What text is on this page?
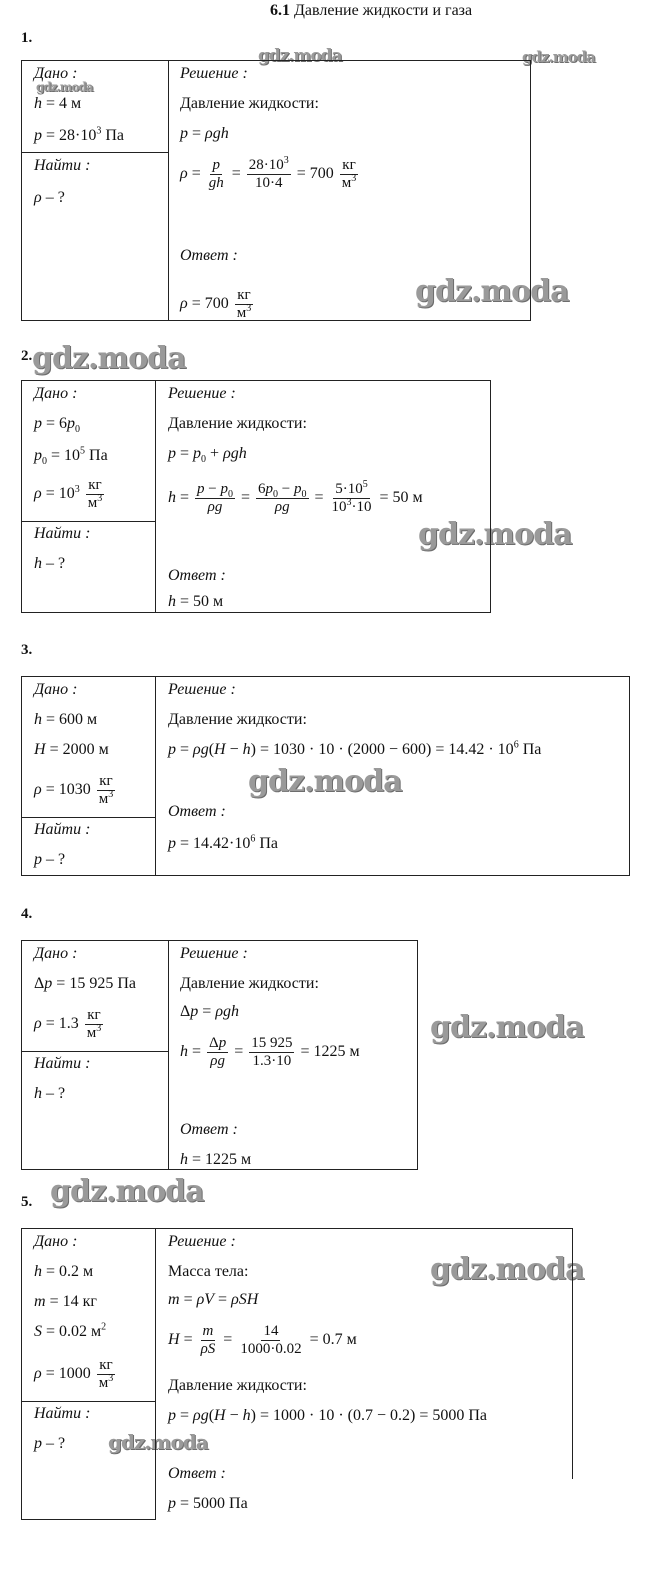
6.1 Давление жидкости и газа
gdz.moda	gdz.moda
gdz.moda
gdz.moda
gdz.moda
gdz.moda
gdz.moda
gdz.moda
gdz.moda
gdz.moda
gdz.moda
1.
Дано :
h = 4 м
$p = 28\cdot 10^3$ Па
Найти :
ρ – ?
Решение :
Давление жидкости:
p = ρgh
$\rho = \frac{p}{gh} = \frac{28\cdot 10^3}{10\cdot 4} = 700 \frac{кг}{м^3}$
Ответ :
$\rho = 700 \frac{кг}{м^3}$
2.
Дано :
$p = 6p_0$
$p_0 = 10^5$ Па
$\rho = 10^3 \frac{кг}{м^3}$
Найти :
h – ?
Решение :
Давление жидкости:
$p = p_0 + \rho gh$
$h = \frac{p - p_0}{\rho g} = \frac{6p_0 - p_0}{\rho g} = \frac{5\cdot 10^5}{10^3\cdot 10} = 50$ м
Ответ :
h = 50 м
3.
Дано :
h = 600 м
H = 2000 м
$\rho = 1030 \frac{кг}{м^3}$
Найти :
p – ?
Решение :
Давление жидкости:
$p = \rho g(H - h) = 1030 \cdot 10 \cdot (2000 - 600) = 14.42 \cdot 10^6$ Па
Ответ :
$p = 14.42\cdot 10^6$ Па
4.
Дано :
Δp = 15 925 Па
$\rho = 1.3 \frac{кг}{м^3}$
Найти :
h – ?
Решение :
Давление жидкости:
Δp = ρgh
$h = \frac{\Delta p}{\rho g} = \frac{15 925}{1.3\cdot 10} = 1225$ м
Ответ :
h = 1225 м
5.
Дано :
h = 0.2 м
m = 14 кг
S = 0.02 $м^2$
$\rho = 1000 \frac{кг}{м^3}$
Найти :
p – ?
Решение :
Масса тела:
m = ρV = ρSH
$H = \frac{m}{\rho S} = \frac{14}{1000\cdot 0.02} = 0.7$ м
Давление жидкости:
p = ρg(H − h) = 1000 · 10 · (0.7 − 0.2) = 5000 Па
Ответ :
p = 5000 Па
